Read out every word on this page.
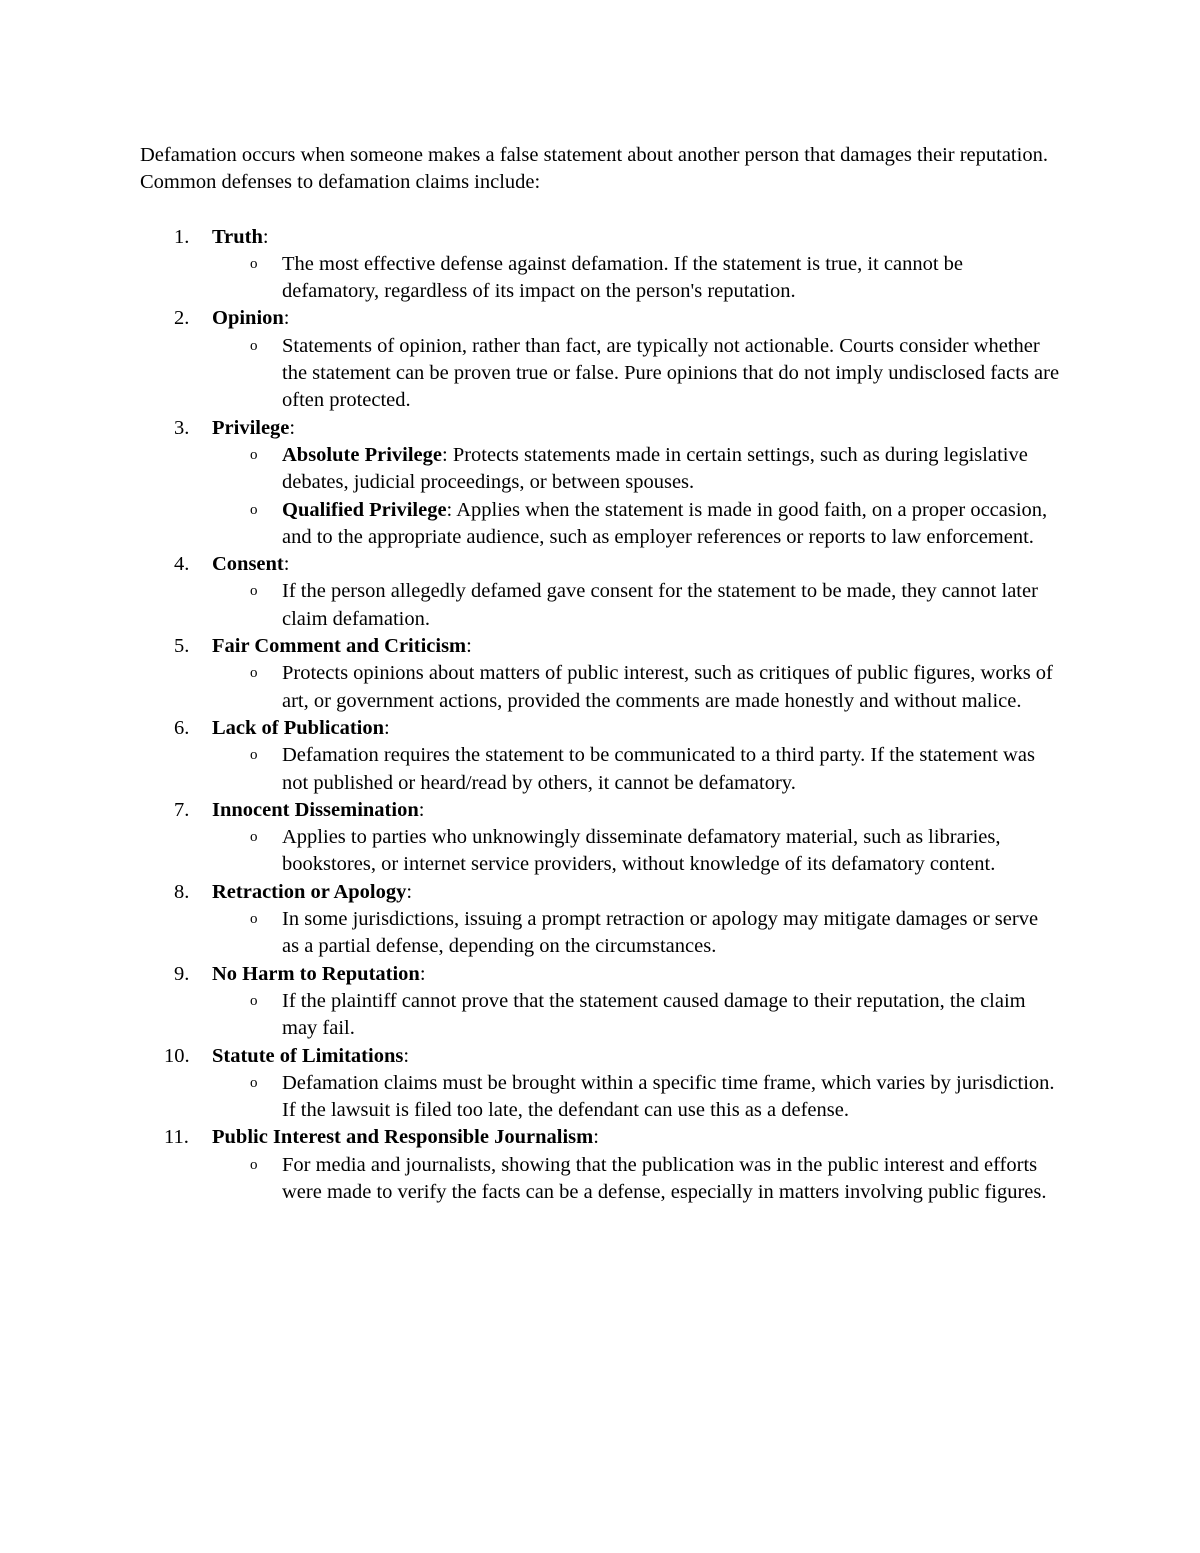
Defamation occurs when someone makes a false statement about another person that damages their reputation. Common defenses to defamation claims include:

1. Truth:
o The most effective defense against defamation. If the statement is true, it cannot be defamatory, regardless of its impact on the person's reputation.
2. Opinion:
o Statements of opinion, rather than fact, are typically not actionable. Courts consider whether the statement can be proven true or false. Pure opinions that do not imply undisclosed facts are often protected.
3. Privilege:
o Absolute Privilege: Protects statements made in certain settings, such as during legislative debates, judicial proceedings, or between spouses.
o Qualified Privilege: Applies when the statement is made in good faith, on a proper occasion, and to the appropriate audience, such as employer references or reports to law enforcement.
4. Consent:
o If the person allegedly defamed gave consent for the statement to be made, they cannot later claim defamation.
5. Fair Comment and Criticism:
o Protects opinions about matters of public interest, such as critiques of public figures, works of art, or government actions, provided the comments are made honestly and without malice.
6. Lack of Publication:
o Defamation requires the statement to be communicated to a third party. If the statement was not published or heard/read by others, it cannot be defamatory.
7. Innocent Dissemination:
o Applies to parties who unknowingly disseminate defamatory material, such as libraries, bookstores, or internet service providers, without knowledge of its defamatory content.
8. Retraction or Apology:
o In some jurisdictions, issuing a prompt retraction or apology may mitigate damages or serve as a partial defense, depending on the circumstances.
9. No Harm to Reputation:
o If the plaintiff cannot prove that the statement caused damage to their reputation, the claim may fail.
10. Statute of Limitations:
o Defamation claims must be brought within a specific time frame, which varies by jurisdiction. If the lawsuit is filed too late, the defendant can use this as a defense.
11. Public Interest and Responsible Journalism:
o For media and journalists, showing that the publication was in the public interest and efforts were made to verify the facts can be a defense, especially in matters involving public figures.
